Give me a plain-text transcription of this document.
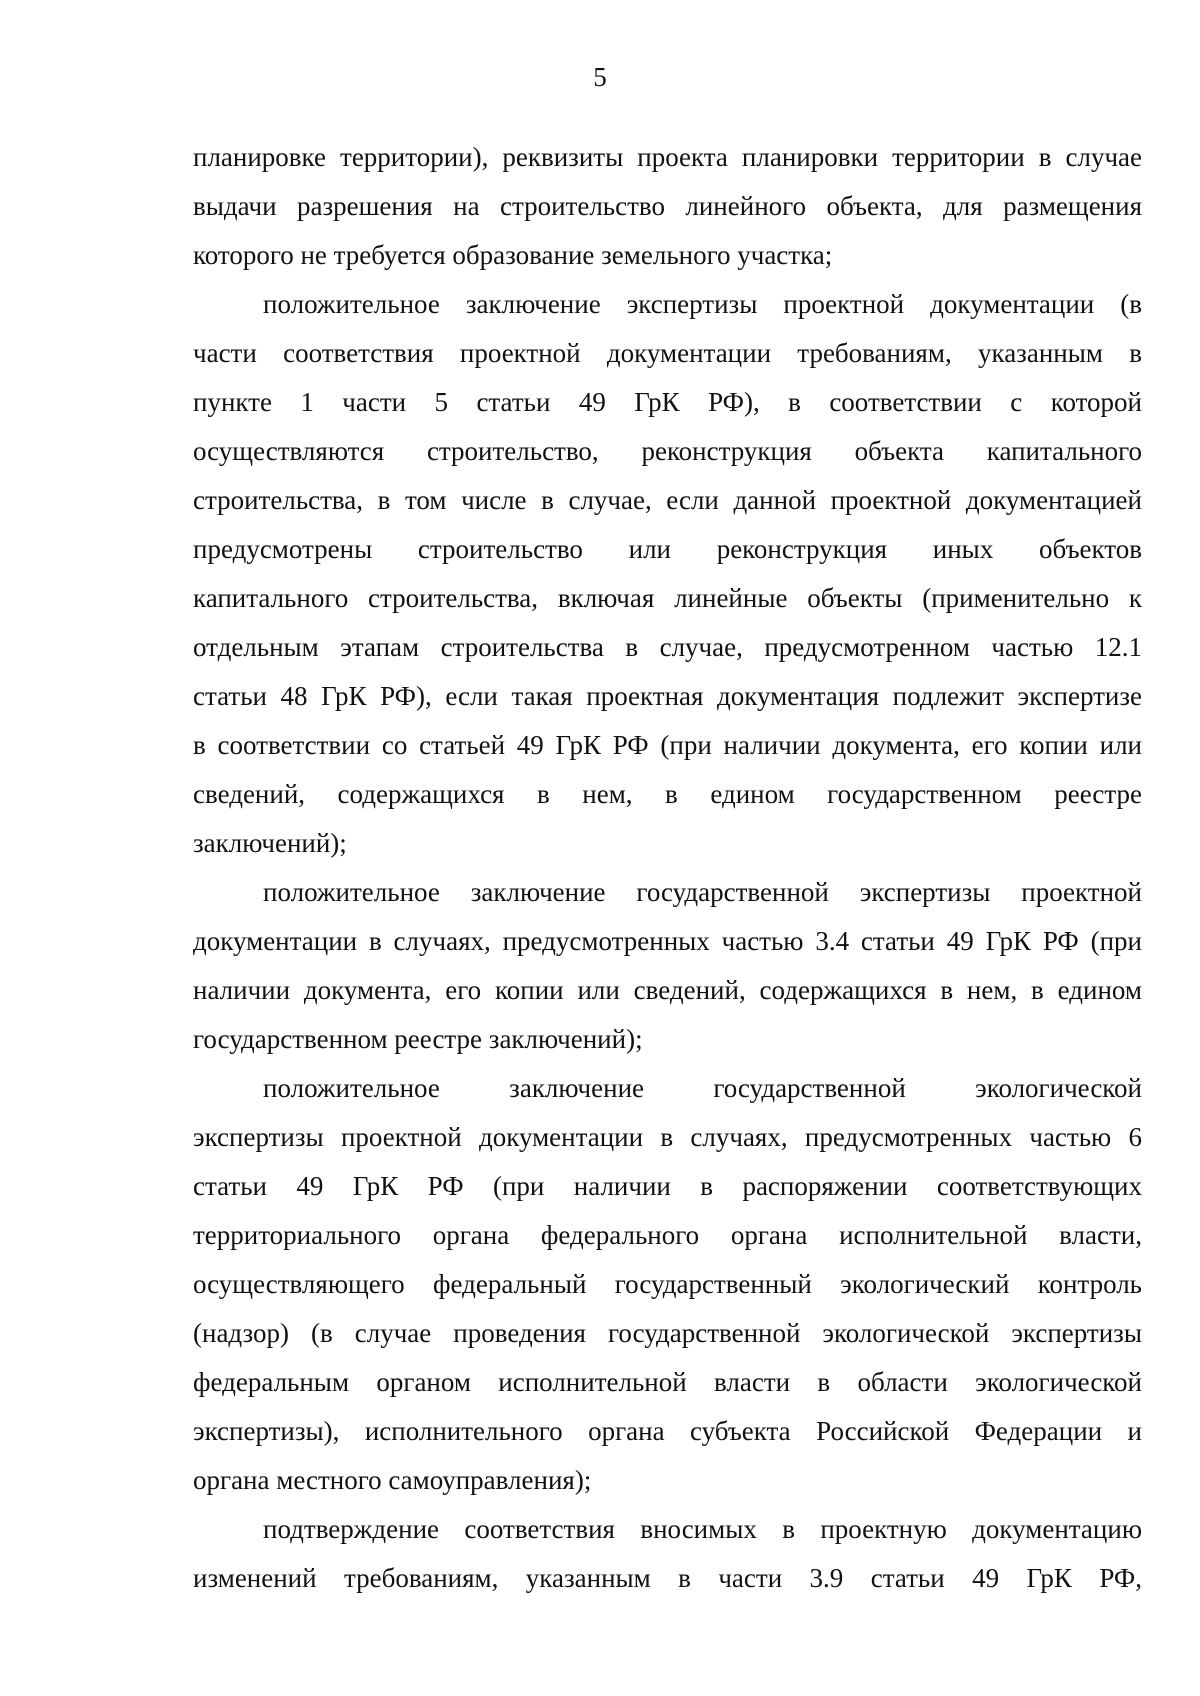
5
планировке территории), реквизиты проекта планировки территории в случае
выдачи разрешения на строительство линейного объекта, для размещения
которого не требуется образование земельного участка;
положительное заключение экспертизы проектной документации (в
части соответствия проектной документации требованиям, указанным в
пункте 1 части 5 статьи 49 ГрК РФ), в соответствии с которой
осуществляются строительство, реконструкция объекта капитального
строительства, в том числе в случае, если данной проектной документацией
предусмотрены строительство или реконструкция иных объектов
капитального строительства, включая линейные объекты (применительно к
отдельным этапам строительства в случае, предусмотренном частью 12.1
статьи 48 ГрК РФ), если такая проектная документация подлежит экспертизе
в соответствии со статьей 49 ГрК РФ (при наличии документа, его копии или
сведений, содержащихся в нем, в едином государственном реестре
заключений);
положительное заключение государственной экспертизы проектной
документации в случаях, предусмотренных частью 3.4 статьи 49 ГрК РФ (при
наличии документа, его копии или сведений, содержащихся в нем, в едином
государственном реестре заключений);
положительное заключение государственной экологической
экспертизы проектной документации в случаях, предусмотренных частью 6
статьи 49 ГрК РФ (при наличии в распоряжении соответствующих
территориального органа федерального органа исполнительной власти,
осуществляющего федеральный государственный экологический контроль
(надзор) (в случае проведения государственной экологической экспертизы
федеральным органом исполнительной власти в области экологической
экспертизы), исполнительного органа субъекта Российской Федерации и
органа местного самоуправления);
подтверждение соответствия вносимых в проектную документацию
изменений требованиям, указанным в части 3.9 статьи 49 ГрК РФ,
